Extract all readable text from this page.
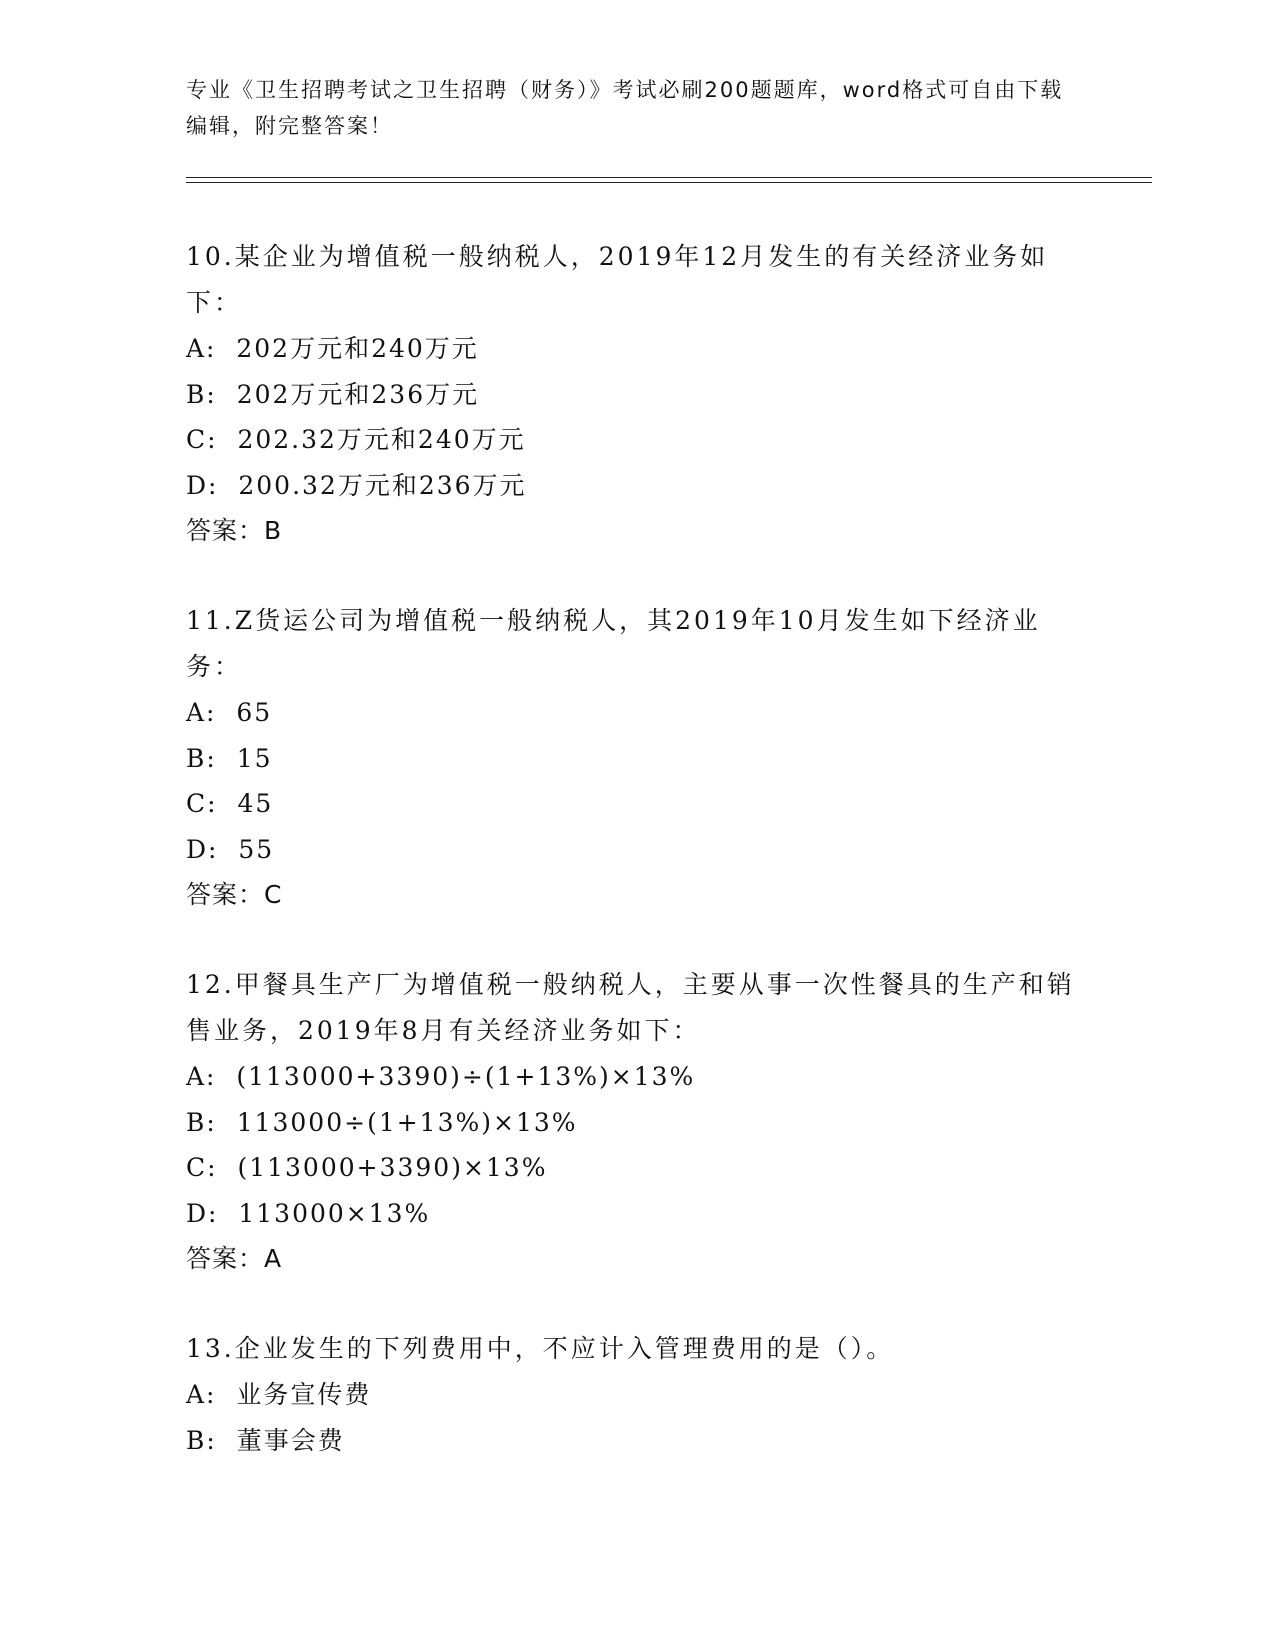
专业《卫生招聘考试之卫生招聘（财务）》考试必刷200题题库，word格式可自由下载编辑，附完整答案！
10.某企业为增值税一般纳税人，2019年12月发生的有关经济业务如下：
A:  202万元和240万元
B:  202万元和236万元
C:  202.32万元和240万元
D:  200.32万元和236万元
答案：B
11.Z货运公司为增值税一般纳税人，其2019年10月发生如下经济业务：
A:  65
B:  15
C:  45
D:  55
答案：C
12.甲餐具生产厂为增值税一般纳税人，主要从事一次性餐具的生产和销售业务，2019年8月有关经济业务如下：
A:  (113000+3390)÷(1+13%)×13%
B:  113000÷(1+13%)×13%
C:  (113000+3390)×13%
D:  113000×13%
答案：A
13.企业发生的下列费用中，不应计入管理费用的是（）。
A:  业务宣传费
B:  董事会费
